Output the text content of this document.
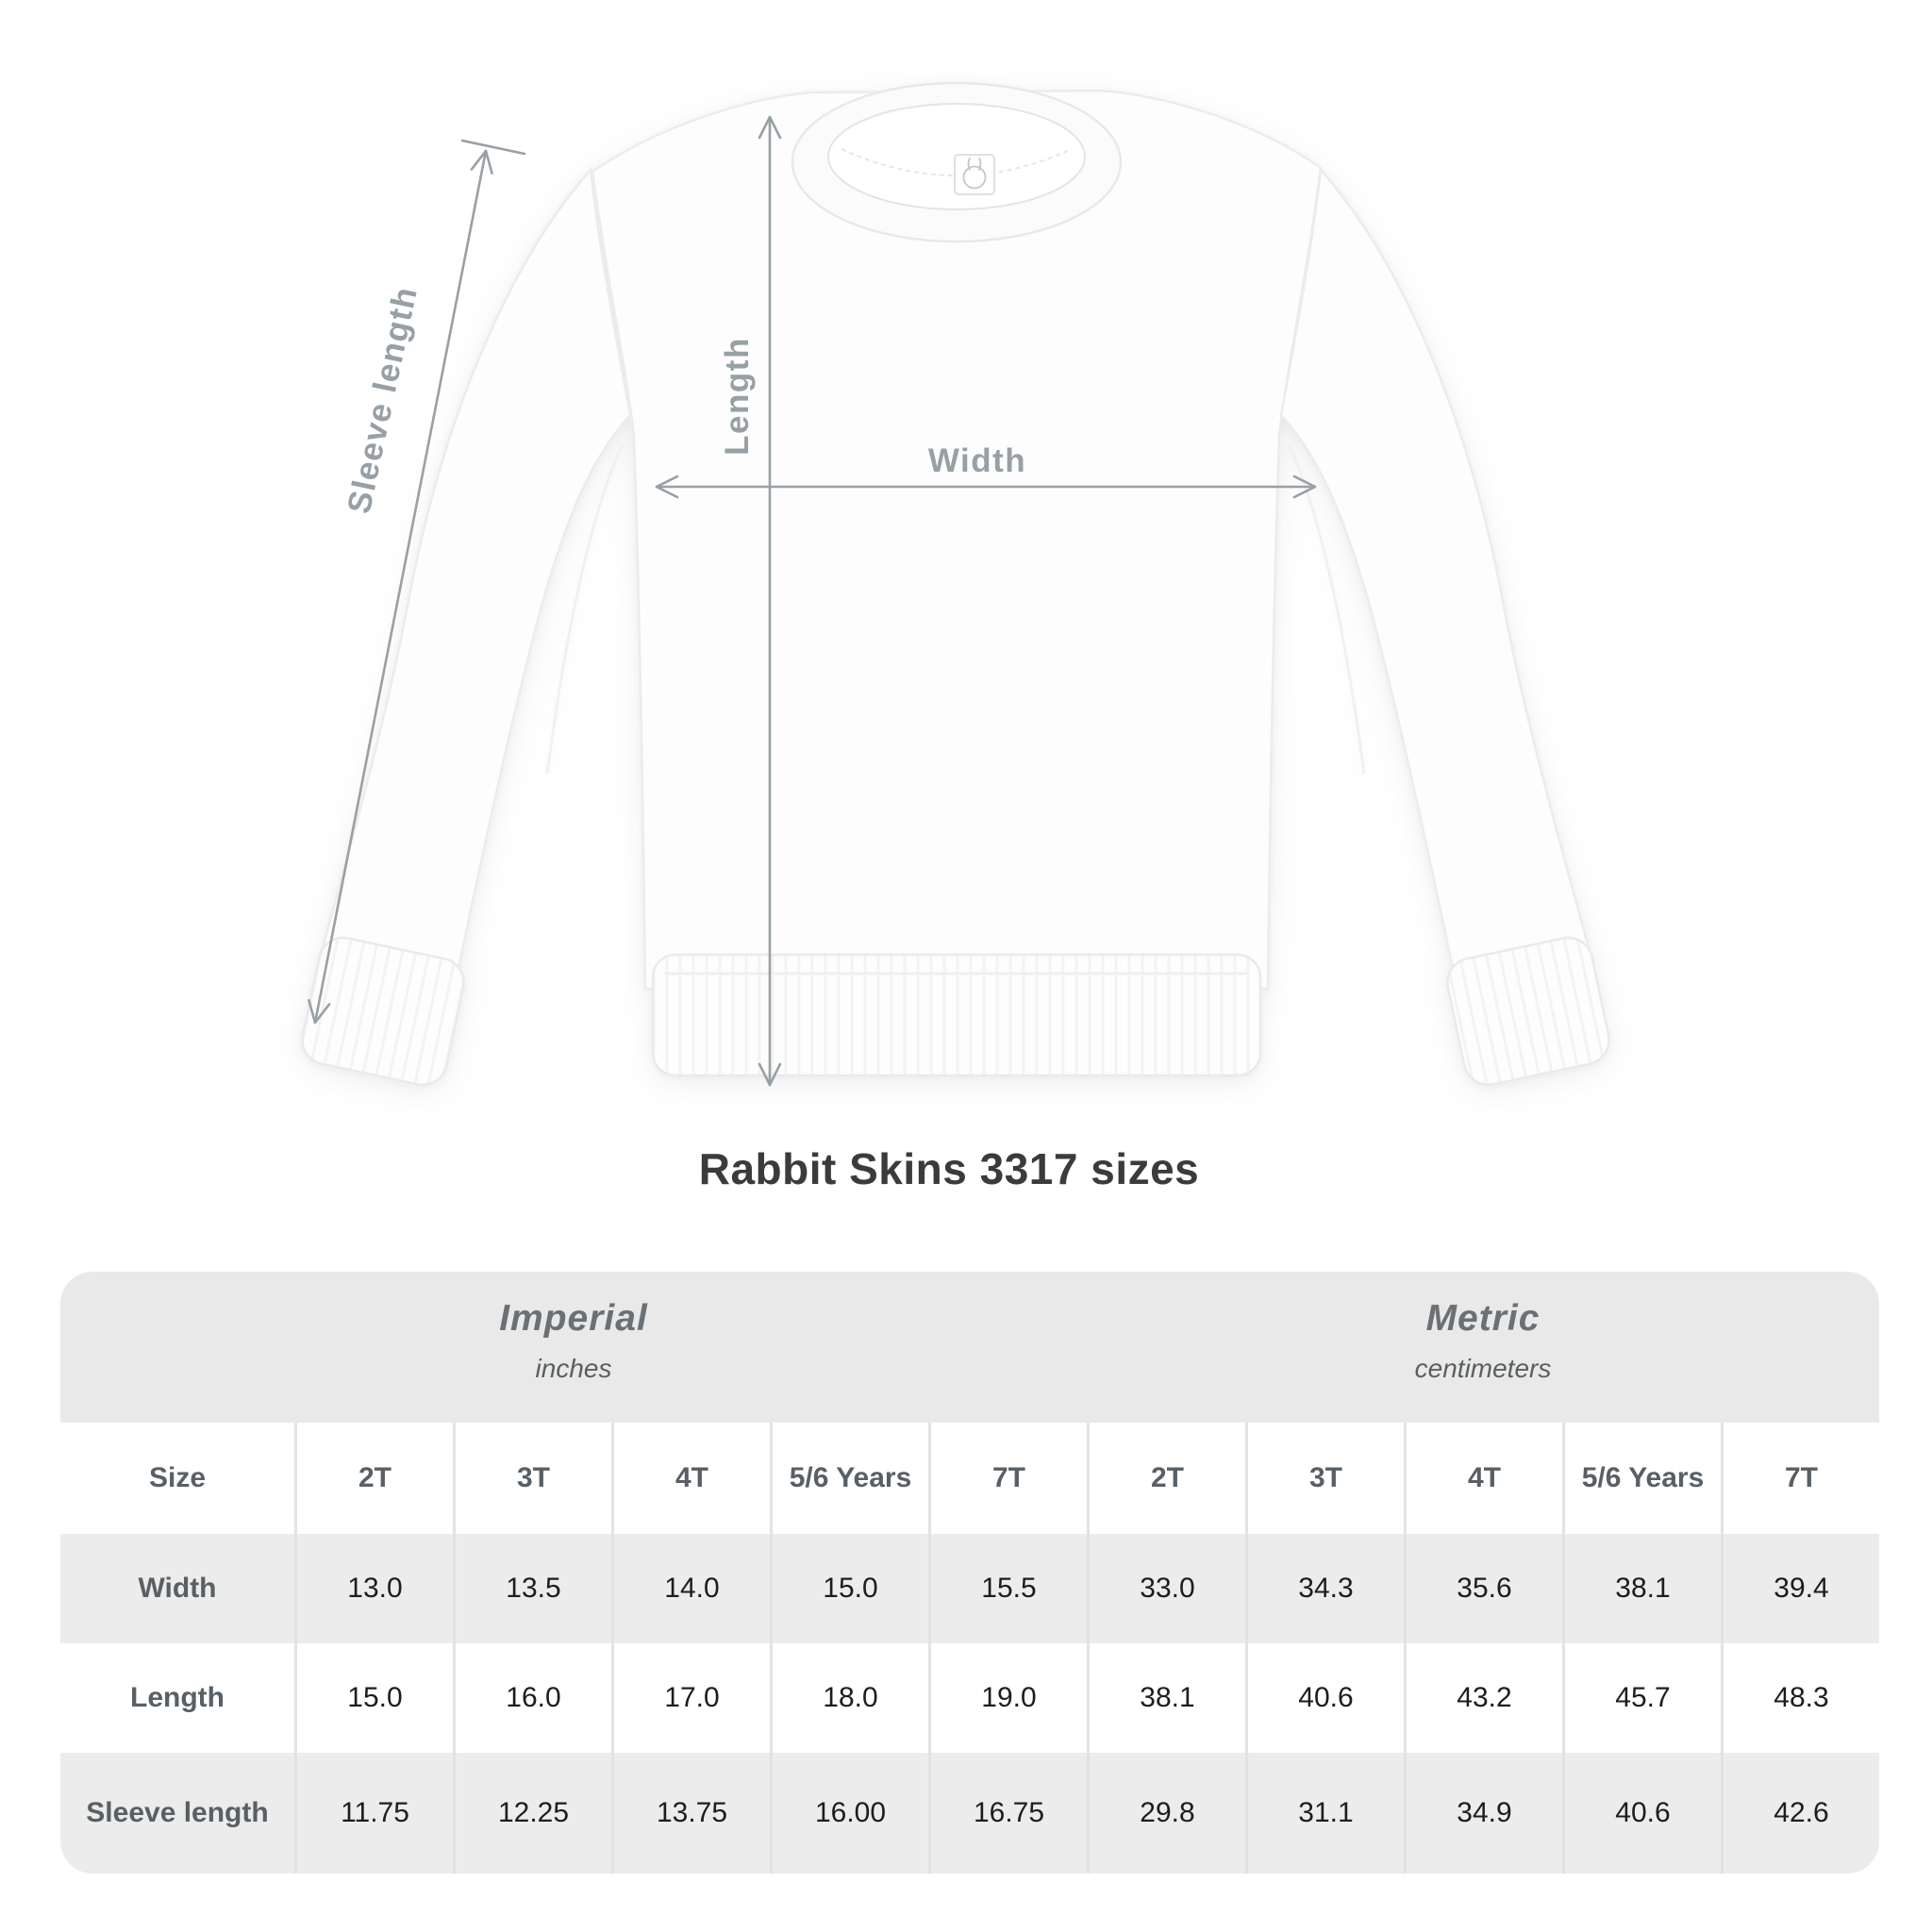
Length
Width
Sleeve length
Rabbit Skins 3317 sizes
Imperial
inches
Metric
centimeters
Size	2T	3T	4T	5/6 Years	7T	2T	3T	4T	5/6 Years	7T
Width	13.0	13.5	14.0	15.0	15.5	33.0	34.3	35.6	38.1	39.4
Length	15.0	16.0	17.0	18.0	19.0	38.1	40.6	43.2	45.7	48.3
Sleeve length	11.75	12.25	13.75	16.00	16.75	29.8	31.1	34.9	40.6	42.6
